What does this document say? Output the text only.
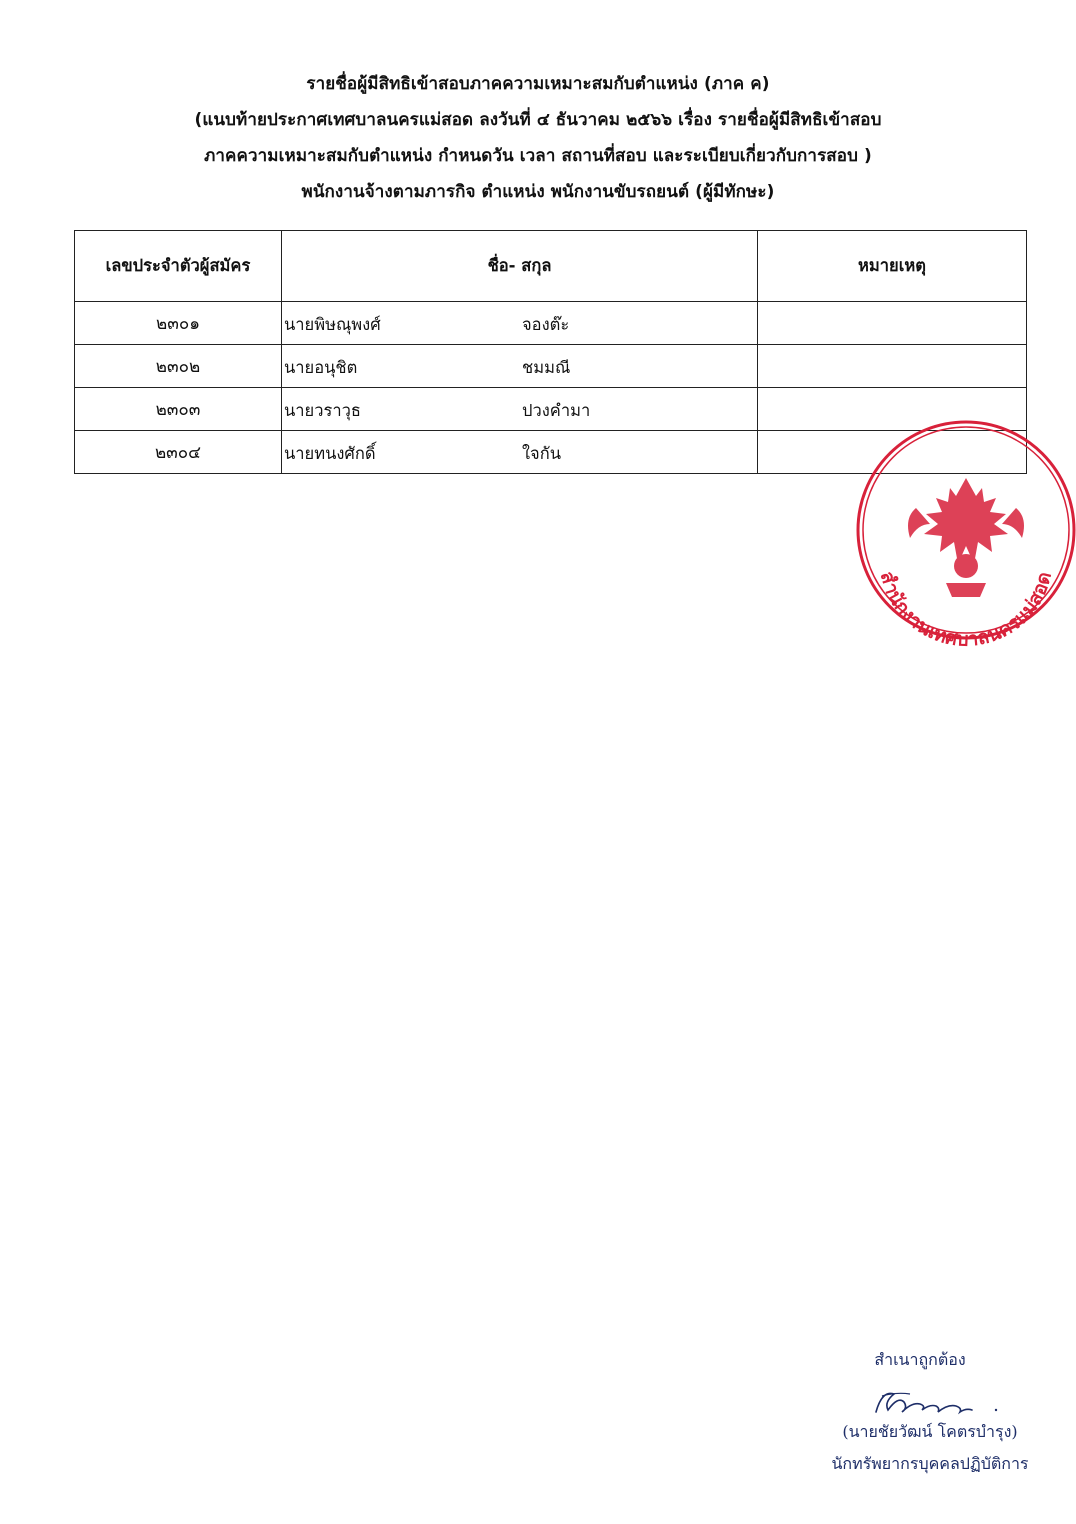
รายชื่อผู้มีสิทธิเข้าสอบภาคความเหมาะสมกับตำแหน่ง (ภาค ค)
(แนบท้ายประกาศเทศบาลนครแม่สอด ลงวันที่ ๔ ธันวาคม ๒๕๖๖ เรื่อง รายชื่อผู้มีสิทธิเข้าสอบ
ภาคความเหมาะสมกับตำแหน่ง กำหนดวัน เวลา สถานที่สอบ และระเบียบเกี่ยวกับการสอบ )
พนักงานจ้างตามภารกิจ ตำแหน่ง พนักงานขับรถยนต์ (ผู้มีทักษะ)
เลขประจำตัวผู้สมัคร	ชื่อ- สกุล	หมายเหตุ
๒๓๐๑	นายพิษณุพงศ์ จองต๊ะ	

๒๓๐๒	นายอนุชิต ชมมณี	

๒๓๐๓	นายวราวุธ ปวงคำมา	

๒๓๐๔	นายทนงศักดิ์ ใจกัน	

สำนักงานเทศบาลนครแม่สอด
สำเนาถูกต้อง
(นายชัยวัฒน์ โคตรบำรุง)
นักทรัพยากรบุคคลปฏิบัติการ
